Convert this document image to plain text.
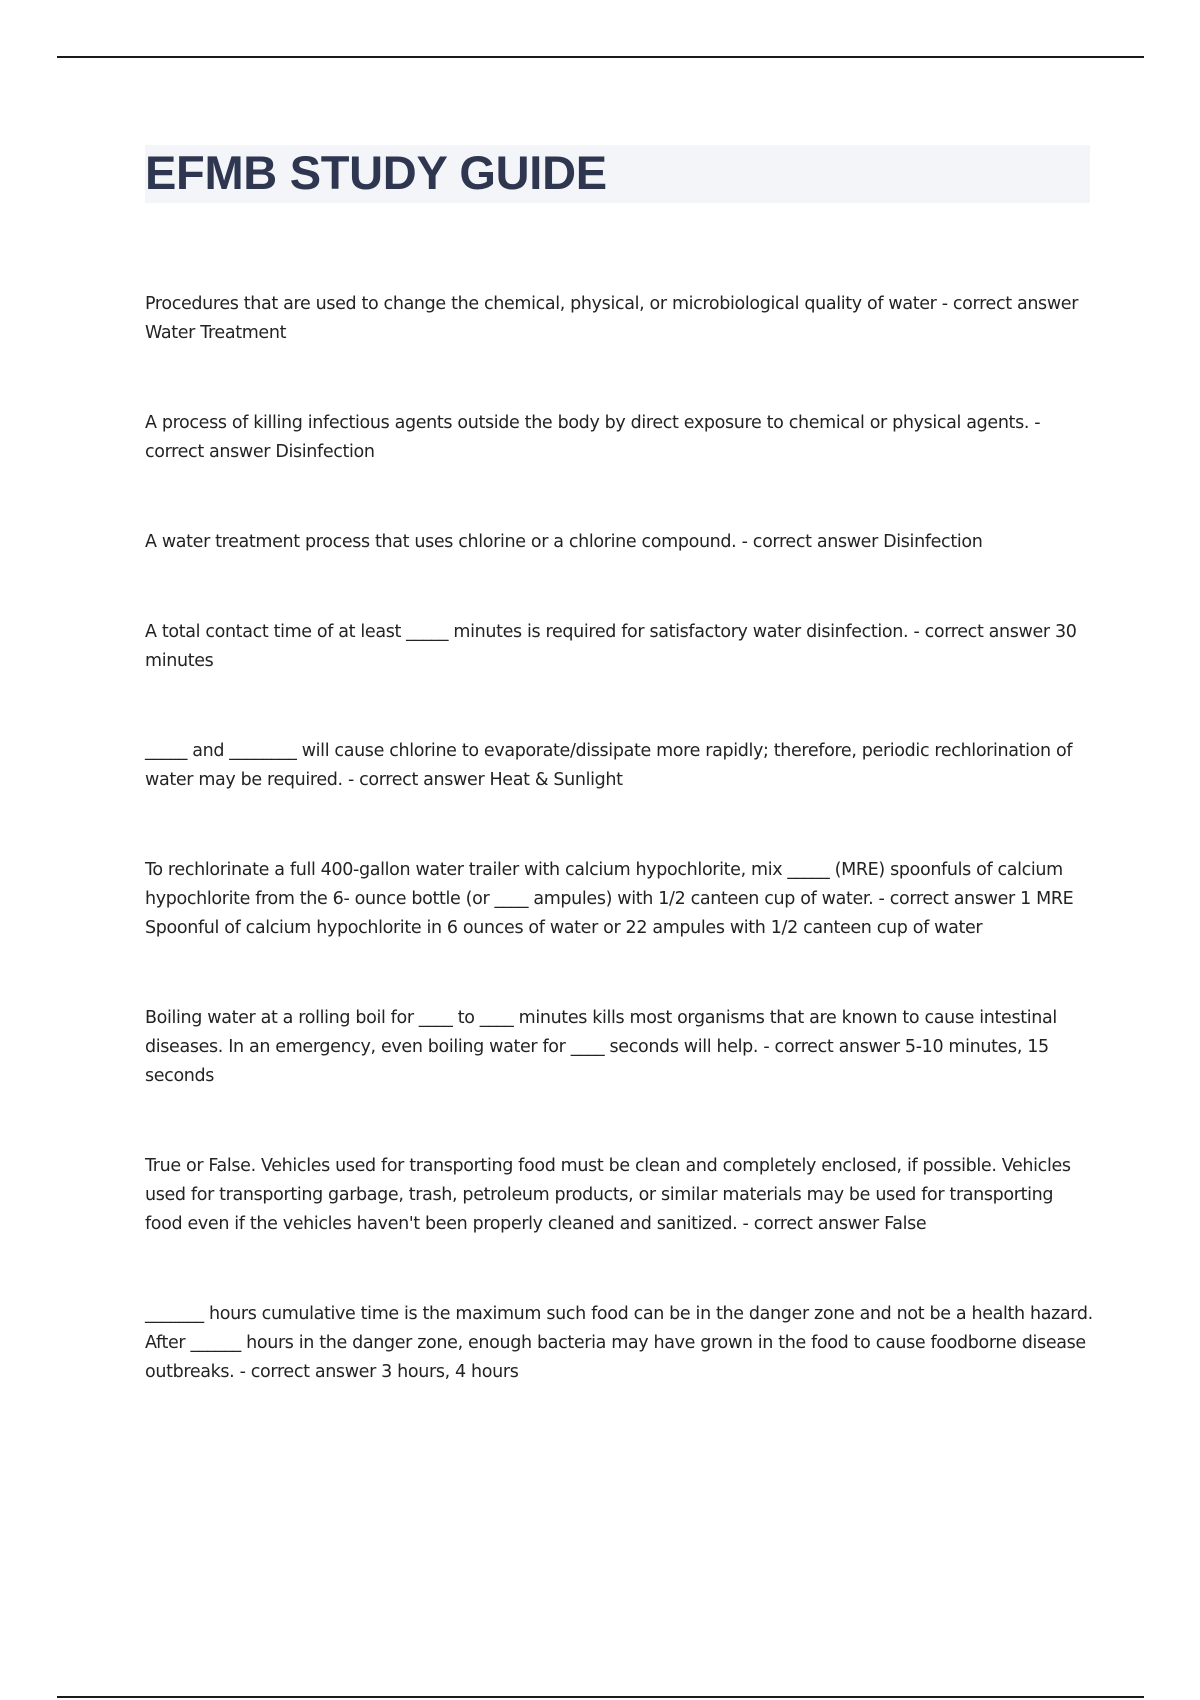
EFMB STUDY GUIDE

Procedures that are used to change the chemical, physical, or microbiological quality of water - correct answer Water Treatment

A process of killing infectious agents outside the body by direct exposure to chemical or physical agents. - correct answer Disinfection

A water treatment process that uses chlorine or a chlorine compound. - correct answer Disinfection

A total contact time of at least _____ minutes is required for satisfactory water disinfection. - correct answer 30 minutes

_____ and ________ will cause chlorine to evaporate/dissipate more rapidly; therefore, periodic rechlorination of water may be required. - correct answer Heat & Sunlight

To rechlorinate a full 400-gallon water trailer with calcium hypochlorite, mix _____ (MRE) spoonfuls of calcium hypochlorite from the 6- ounce bottle (or ____ ampules) with 1/2 canteen cup of water. - correct answer 1 MRE Spoonful of calcium hypochlorite in 6 ounces of water or 22 ampules with 1/2 canteen cup of water

Boiling water at a rolling boil for ____ to ____ minutes kills most organisms that are known to cause intestinal diseases. In an emergency, even boiling water for ____ seconds will help. - correct answer 5-10 minutes, 15 seconds

True or False. Vehicles used for transporting food must be clean and completely enclosed, if possible. Vehicles used for transporting garbage, trash, petroleum products, or similar materials may be used for transporting food even if the vehicles haven't been properly cleaned and sanitized. - correct answer False

_______ hours cumulative time is the maximum such food can be in the danger zone and not be a health hazard. After ______ hours in the danger zone, enough bacteria may have grown in the food to cause foodborne disease outbreaks. - correct answer 3 hours, 4 hours
